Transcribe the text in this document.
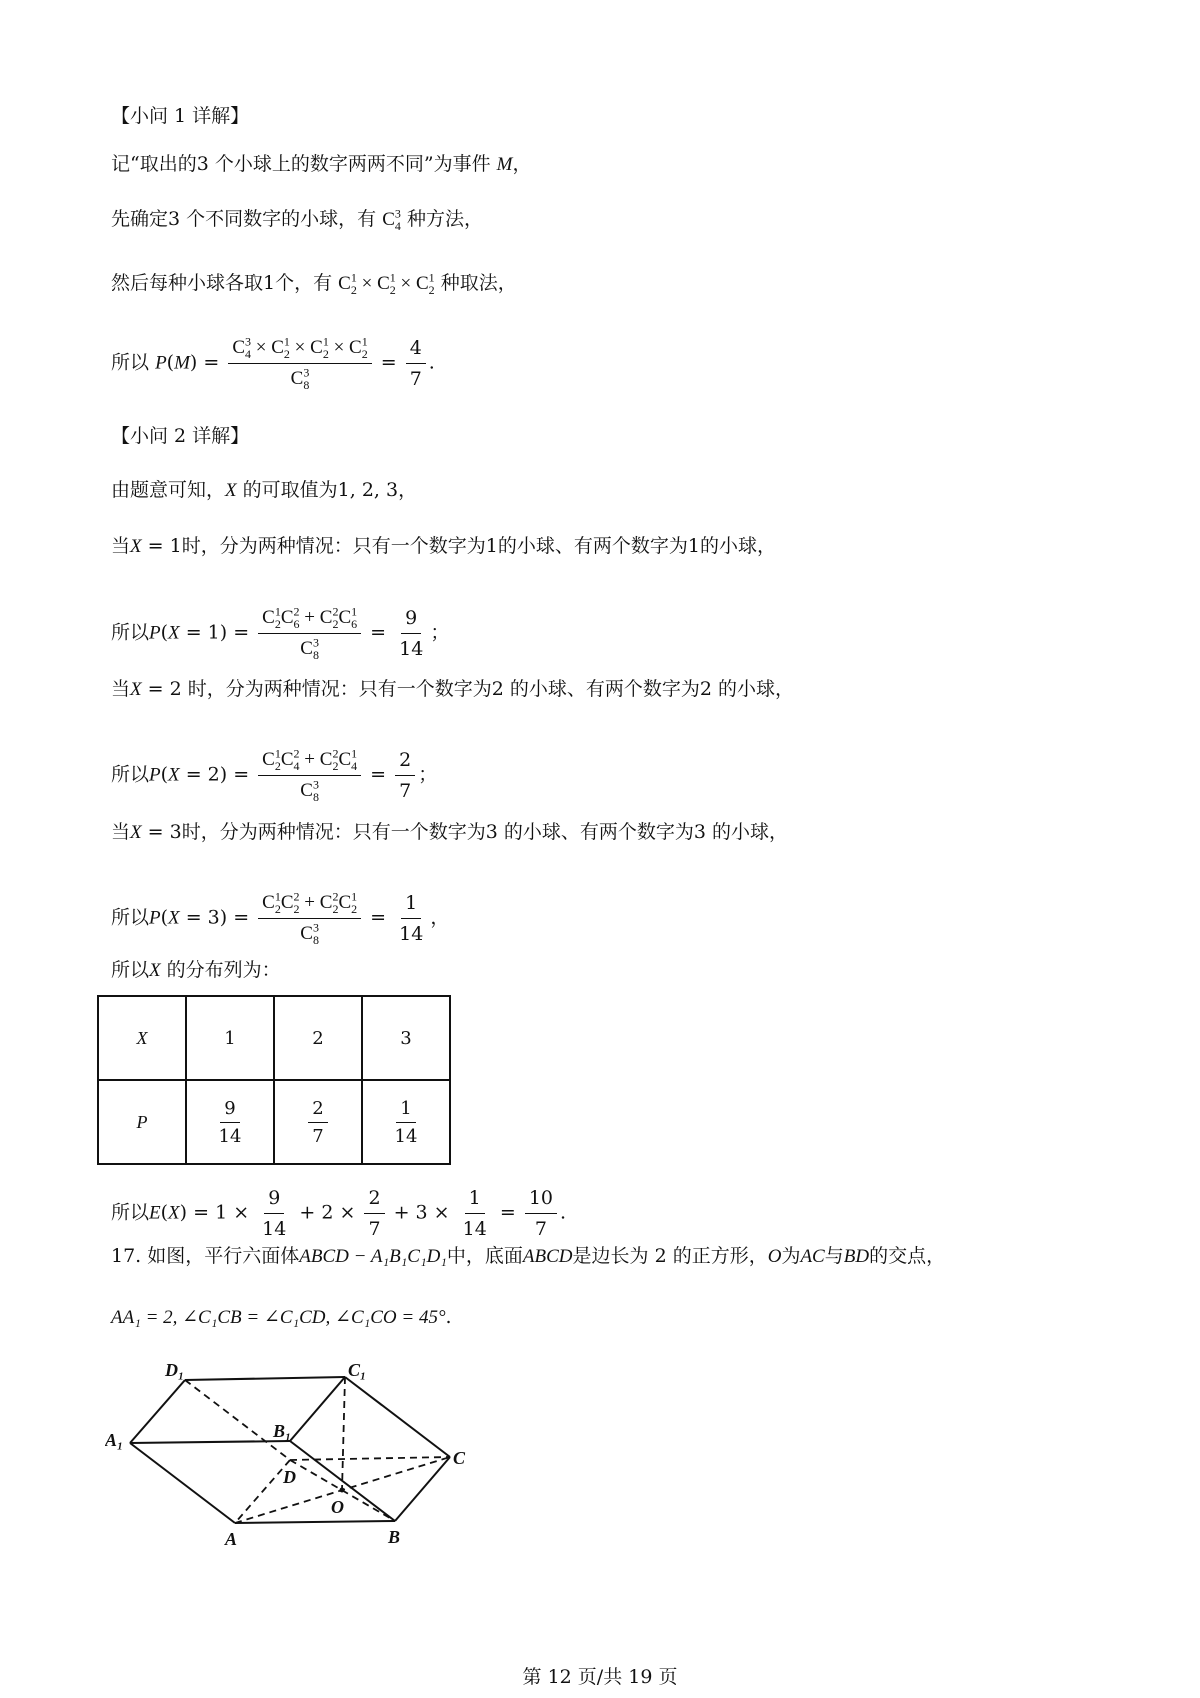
【小问 1 详解】
记“取出的3 个小球上的数字两两不同”为事件 M，
先确定3 个不同数字的小球，有 $C^3_4$ 种方法，
然后每种小球各取1个，有 $C^1_2 \times C^1_2 \times C^1_2$ 种取法，
所以 $P(M) = \frac{C^3_4 \times C^1_2 \times C^1_2 \times C^1_2}{C^3_8} = \frac{4}{7}$ .
【小问 2 详解】
由题意可知，X 的可取值为1, 2, 3，
当X = 1时，分为两种情况：只有一个数字为1的小球、有两个数字为1的小球，
所以$P(X = 1) = \frac{C^1_2C^2_6 + C^2_2C^1_6}{C^3_8} = \frac{9}{14}$ ；
当X = 2 时，分为两种情况：只有一个数字为2 的小球、有两个数字为2 的小球，
所以$P(X = 2) = \frac{C^1_2C^2_4 + C^2_2C^1_4}{C^3_8} = \frac{2}{7}$ ；
当X = 3时，分为两种情况：只有一个数字为3 的小球、有两个数字为3 的小球，
所以$P(X = 3) = \frac{C^1_2C^2_2 + C^2_2C^1_2}{C^3_8} = \frac{1}{14}$ ，
所以X 的分布列为：
X	1	2	3
P	$\frac{9}{14}$	$\frac{2}{7}$	$\frac{1}{14}$
所以$E(X) = 1 \times \frac{9}{14} + 2 \times \frac{2}{7} + 3 \times \frac{1}{14} = \frac{10}{7}$ .
17. 如图，平行六面体ABCD − A₁B₁C₁D₁中，底面ABCD是边长为 2 的正方形，O为AC与BD的交点，
AA₁ = 2, ∠C₁CB = ∠C₁CD, ∠C₁CO = 45°.
D₁	C₁
A₁	B₁
D
C
O
A	B
第 12 页/共 19 页
